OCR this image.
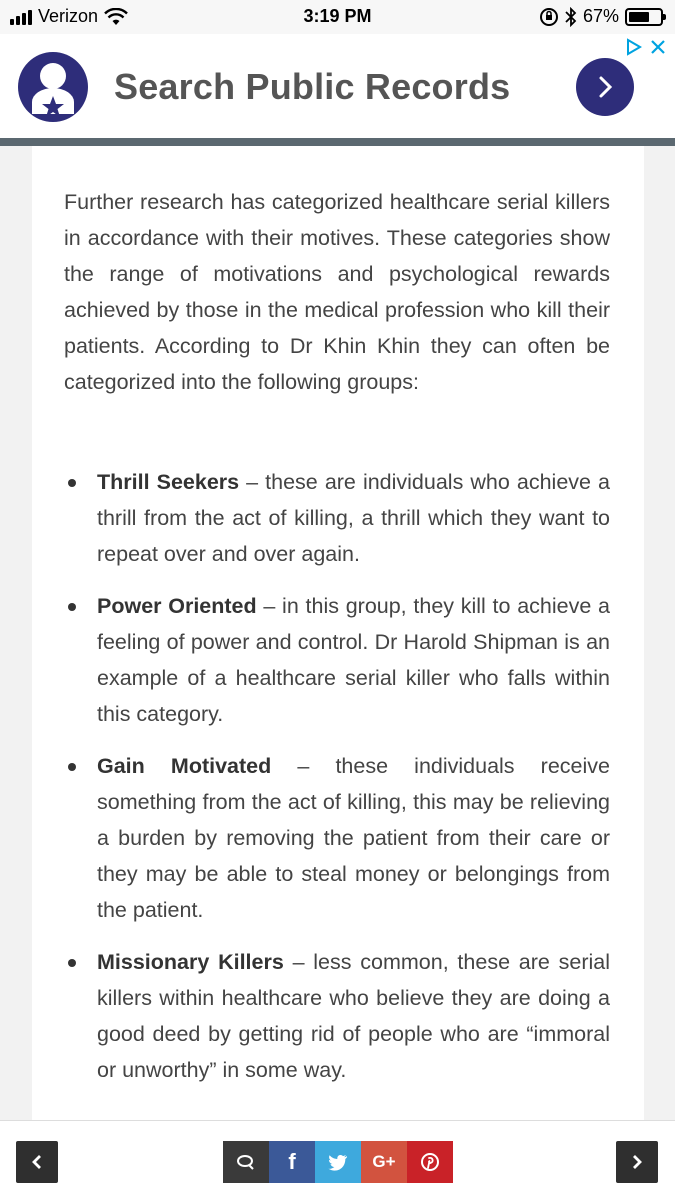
Verizon	3:19 PM	67%
Search Public Records

Further research has categorized healthcare serial killers in accordance with their motives. These categories show the range of motivations and psychological rewards achieved by those in the medical profession who kill their patients. According to Dr Khin Khin they can often be categorized into the following groups:

Thrill Seekers – these are individuals who achieve a thrill from the act of killing, a thrill which they want to repeat over and over again.
Power Oriented – in this group, they kill to achieve a feeling of power and control. Dr Harold Shipman is an example of a healthcare serial killer who falls within this category.
Gain Motivated – these individuals receive something from the act of killing, this may be relieving a burden by removing the patient from their care or they may be able to steal money or belongings from the patient.
Missionary Killers – less common, these are serial killers within healthcare who believe they are doing a good deed by getting rid of people who are “immoral or unworthy” in some way.
f	G+
